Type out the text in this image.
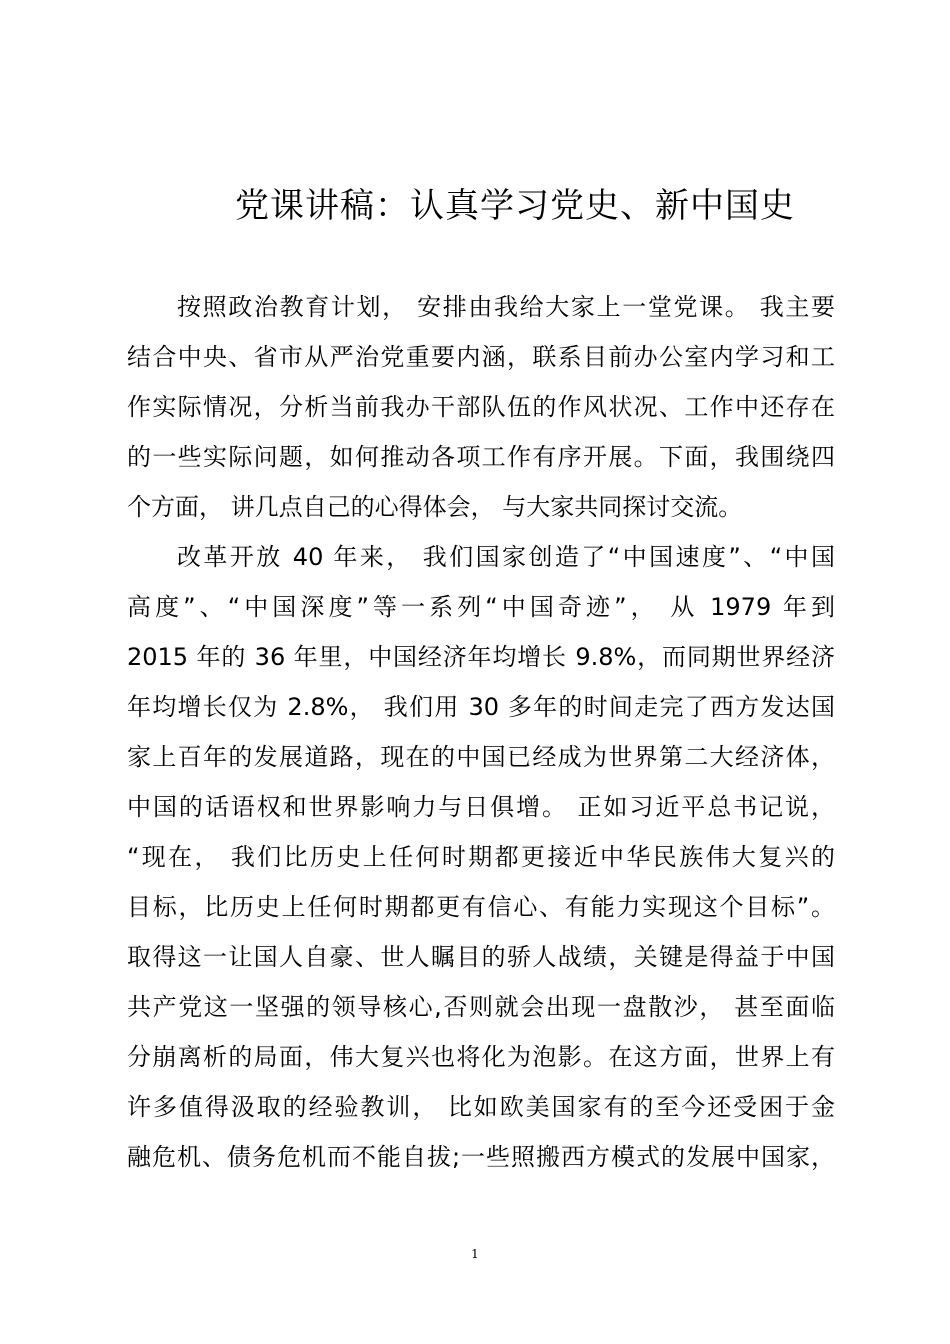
党课讲稿：认真学习党史、新中国史
按照政治教育计划， 安排由我给大家上一堂党课。 我主要
结合中央、省市从严治党重要内涵，联系目前办公室内学习和工
作实际情况，分析当前我办干部队伍的作风状况、工作中还存在
的一些实际问题，如何推动各项工作有序开展。下面，我围绕四
个方面， 讲几点自己的心得体会， 与大家共同探讨交流。
改革开放 40 年来， 我们国家创造了“中国速度”、“中国
高度”、“中国深度”等一系列“中国奇迹”， 从 1979 年到
2015 年的 36 年里，中国经济年均增长 9.8%，而同期世界经济
年均增长仅为 2.8%， 我们用 30 多年的时间走完了西方发达国
家上百年的发展道路，现在的中国已经成为世界第二大经济体，
中国的话语权和世界影响力与日俱增。 正如习近平总书记说，
“现在， 我们比历史上任何时期都更接近中华民族伟大复兴的
目标，比历史上任何时期都更有信心、有能力实现这个目标”。
取得这一让国人自豪、世人瞩目的骄人战绩，关键是得益于中国
共产党这一坚强的领导核心,否则就会出现一盘散沙， 甚至面临
分崩离析的局面，伟大复兴也将化为泡影。在这方面，世界上有
许多值得汲取的经验教训， 比如欧美国家有的至今还受困于金
融危机、债务危机而不能自拔;一些照搬西方模式的发展中国家，
1
